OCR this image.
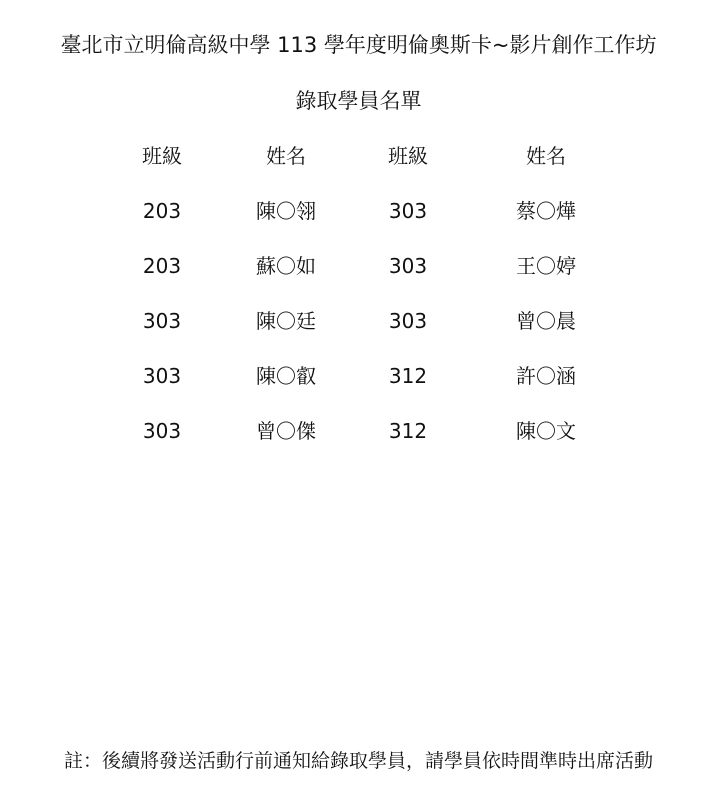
臺北市立明倫高級中學 113 學年度明倫奧斯卡~影片創作工作坊
錄取學員名單
班級	姓名	班級	姓名
203	陳〇翎	303	蔡〇燁
203	蘇〇如	303	王〇婷
303	陳〇廷	303	曾〇晨
303	陳〇叡	312	許〇涵
303	曾〇傑	312	陳〇文
註：後續將發送活動行前通知給錄取學員，請學員依時間準時出席活動
